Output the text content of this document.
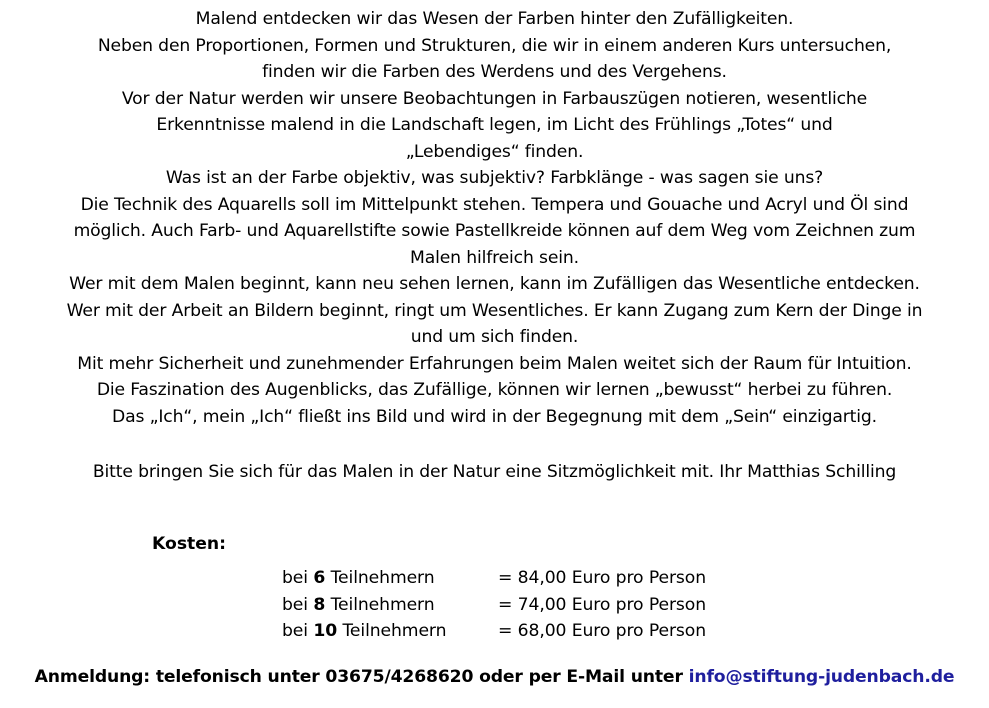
Malend entdecken wir das Wesen der Farben hinter den Zufälligkeiten.
Neben den Proportionen, Formen und Strukturen, die wir in einem anderen Kurs untersuchen,
finden wir die Farben des Werdens und des Vergehens.
Vor der Natur werden wir unsere Beobachtungen in Farbauszügen notieren, wesentliche
Erkenntnisse malend in die Landschaft legen, im Licht des Frühlings „Totes“ und
„Lebendiges“ finden.
Was ist an der Farbe objektiv, was subjektiv? Farbklänge - was sagen sie uns?
Die Technik des Aquarells soll im Mittelpunkt stehen. Tempera und Gouache und Acryl und Öl sind
möglich. Auch Farb- und Aquarellstifte sowie Pastellkreide können auf dem Weg vom Zeichnen zum
Malen hilfreich sein.
Wer mit dem Malen beginnt, kann neu sehen lernen, kann im Zufälligen das Wesentliche entdecken.
Wer mit der Arbeit an Bildern beginnt, ringt um Wesentliches. Er kann Zugang zum Kern der Dinge in
und um sich finden.
Mit mehr Sicherheit und zunehmender Erfahrungen beim Malen weitet sich der Raum für Intuition.
Die Faszination des Augenblicks, das Zufällige, können wir lernen „bewusst“ herbei zu führen.
Das „Ich“, mein „Ich“ fließt ins Bild und wird in der Begegnung mit dem „Sein“ einzigartig.
Bitte bringen Sie sich für das Malen in der Natur eine Sitzmöglichkeit mit. Ihr Matthias Schilling
Kosten:
bei 6 Teilnehmern	= 84,00 Euro pro Person
bei 8 Teilnehmern	= 74,00 Euro pro Person
bei 10 Teilnehmern	= 68,00 Euro pro Person
Anmeldung: telefonisch unter 03675/4268620 oder per E-Mail unter info@stiftung-judenbach.de
